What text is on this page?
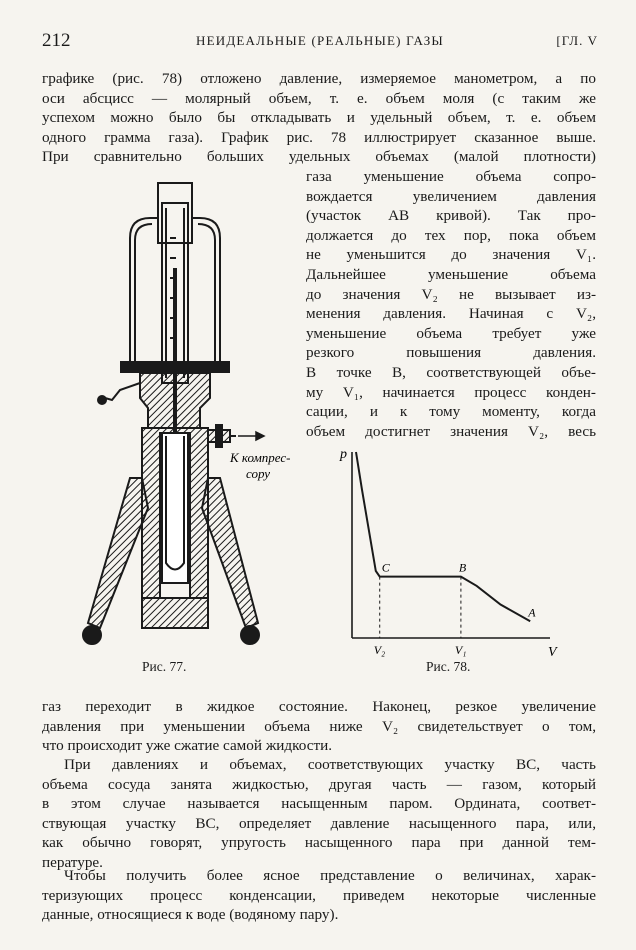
212	НЕИДЕАЛЬНЫЕ (РЕАЛЬНЫЕ) ГАЗЫ	[ГЛ. V
графике (рис. 78) отложено давление, измеряемое манометром, а по
оси абсцисс — молярный объем, т. е. объем моля (с таким же
успехом можно было бы откладывать и удельный объем, т. е. объем
одного грамма газа). График рис. 78 иллюстрирует сказанное выше.
При сравнительно больших удельных объемах (малой плотности)
газа уменьшение объема сопро-
вождается увеличением давления
(участок AB кривой). Так про-
должается до тех пор, пока объем
не уменьшится до значения V₁.
Дальнейшее уменьшение объема
до значения V₂ не вызывает из-
менения давления. Начиная с V₂,
уменьшение объема требует уже
резкого повышения давления.
В точке B, соответствующей объе-
му V₁, начинается процесс конден-
сации, и к тому моменту, когда
объем достигнет значения V₂, весь
К компрес-
сору
Рис. 77.
p
V
C	B
A
V₂	V₁
Рис. 78.
газ переходит в жидкое состояние. Наконец, резкое увеличение
давления при уменьшении объема ниже V₂ свидетельствует о том,
что происходит уже сжатие самой жидкости.
При давлениях и объемах, соответствующих участку BC, часть
объема сосуда занята жидкостью, другая часть — газом, который
в этом случае называется насыщенным паром. Ордината, соответ-
ствующая участку BC, определяет давление насыщенного пара, или,
как обычно говорят, упругость насыщенного пара при данной тем-
пературе.
Чтобы получить более ясное представление о величинах, харак-
теризующих процесс конденсации, приведем некоторые численные
данные, относящиеся к воде (водяному пару).
